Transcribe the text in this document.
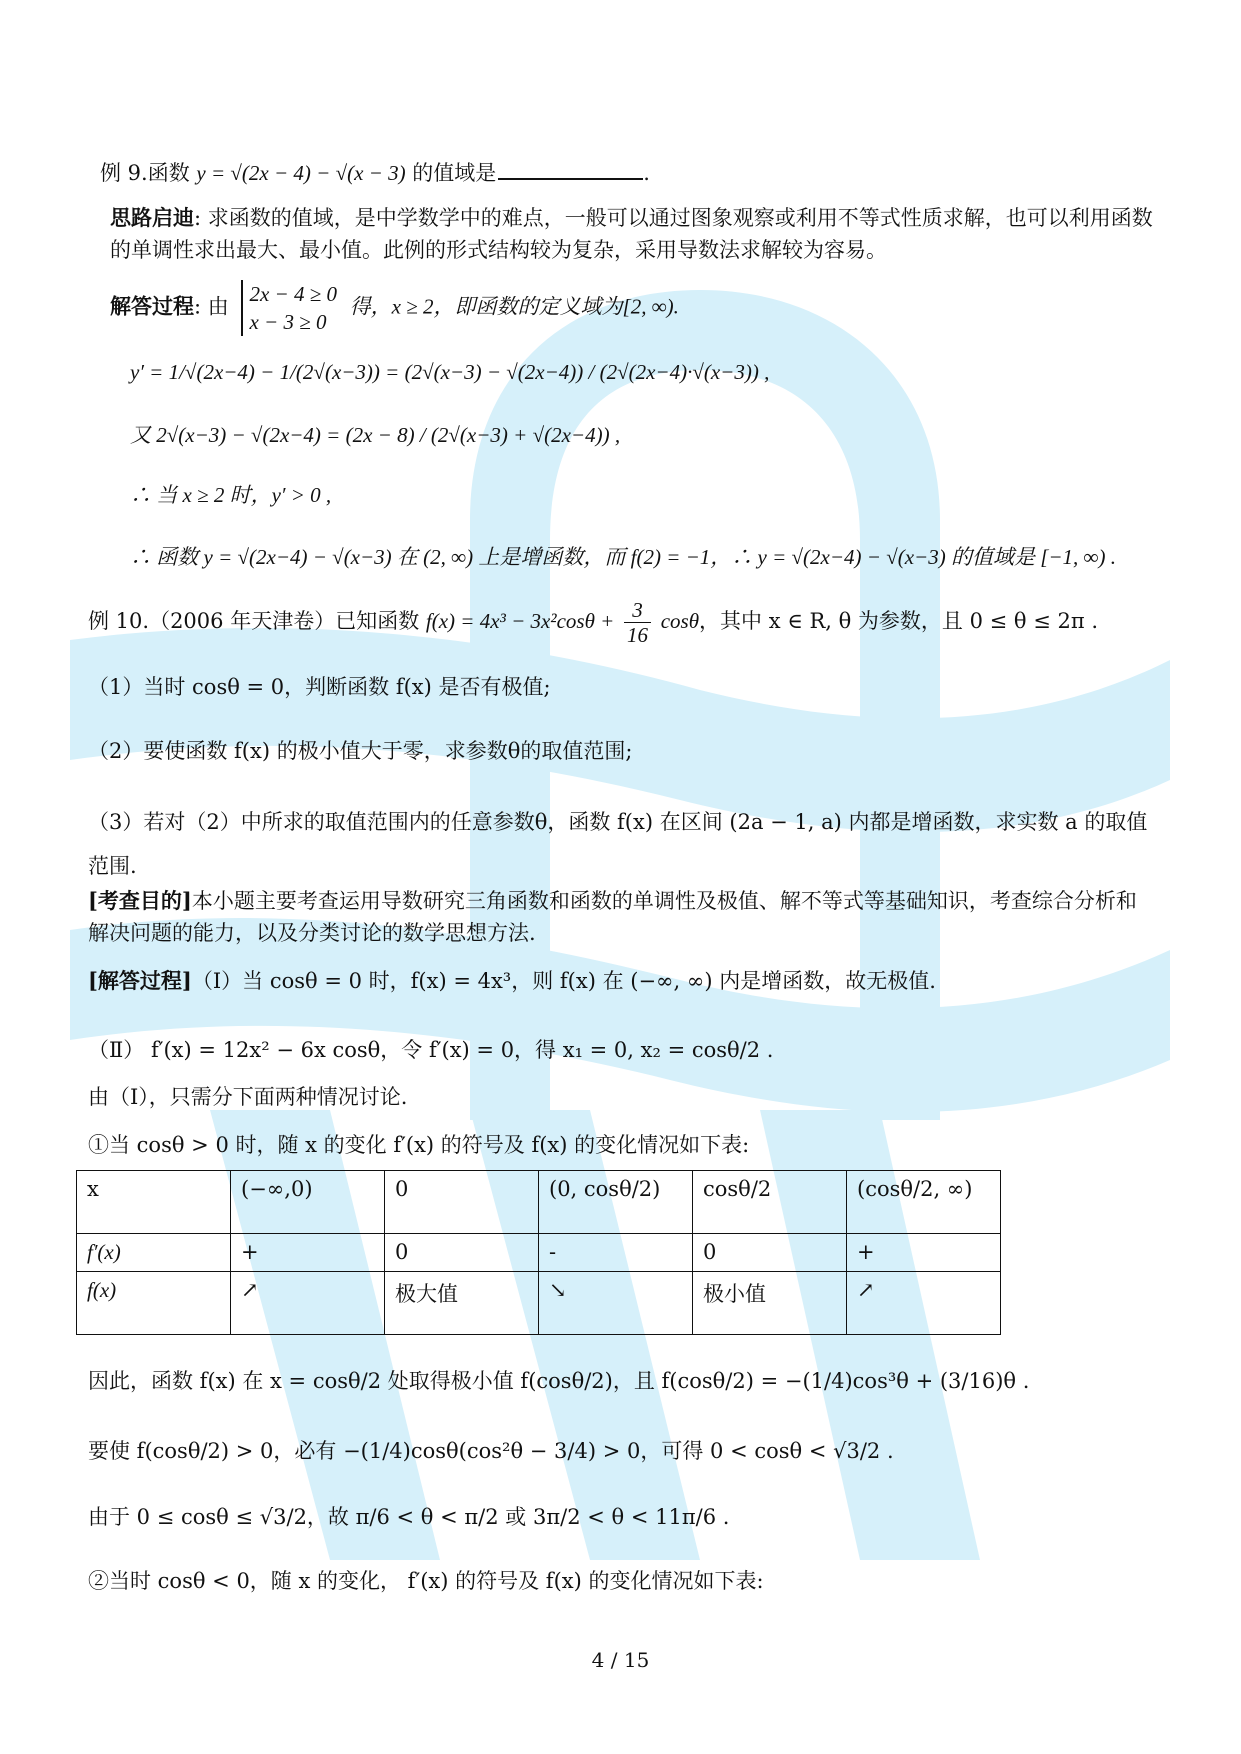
例 9.函数 y = √(2x − 4) − √(x − 3) 的值域是	.
思路启迪: 求函数的值域，是中学数学中的难点，一般可以通过图象观察或利用不等式性质求解，也可以利用函数的单调性求出最大、最小值。此例的形式结构较为复杂，采用导数法求解较为容易。
解答过程: 由
2x − 4 ≥ 0
x − 3 ≥ 0
得，x ≥ 2，即函数的定义域为[2, ∞).
y′ = 1/√(2x−4) − 1/(2√(x−3)) = (2√(x−3) − √(2x−4)) / (2√(2x−4)·√(x−3)) ,
又 2√(x−3) − √(2x−4) = (2x − 8) / (2√(x−3) + √(2x−4)) ,
∴ 当 x ≥ 2 时，y′ > 0 ,
∴ 函数 y = √(2x−4) − √(x−3) 在 (2, ∞) 上是增函数，而 f(2) = −1，∴ y = √(2x−4) − √(x−3) 的值域是 [−1, ∞) .
例 10.（2006 年天津卷）已知函数 $f(x) = 4x^3 - 3x^2\cos\theta + \frac{3}{16}$ cosθ，其中 x ∈ R, θ 为参数，且 0 ≤ θ ≤ 2π .
（1）当时 cosθ = 0，判断函数 f(x) 是否有极值;
（2）要使函数 f(x) 的极小值大于零，求参数θ的取值范围;
（3）若对（2）中所求的取值范围内的任意参数θ，函数 f(x) 在区间 (2a − 1, a) 内都是增函数，求实数 a 的取值范围.
[考查目的]本小题主要考查运用导数研究三角函数和函数的单调性及极值、解不等式等基础知识，考查综合分析和解决问题的能力，以及分类讨论的数学思想方法.
[解答过程]（Ⅰ）当 cosθ = 0 时，f(x) = 4x³，则 f(x) 在 (−∞, ∞) 内是增函数，故无极值.
（Ⅱ） f′(x) = 12x² − 6x cosθ，令 f′(x) = 0，得 x₁ = 0, x₂ = cosθ/2 .
由（Ⅰ），只需分下面两种情况讨论.
①当 cosθ > 0 时，随 x 的变化 f′(x) 的符号及 f(x) 的变化情况如下表:
x	(−∞,0)	0	(0, cosθ/2)	cosθ/2	(cosθ/2, ∞)
f′(x)	+	0	-	0	+
f(x)	↗	极大值	↘	极小值	↗
因此，函数 f(x) 在 x = cosθ/2 处取得极小值 f(cosθ/2)，且 f(cosθ/2) = −(1/4)cos³θ + (3/16)θ .
要使 f(cosθ/2) > 0，必有 −(1/4)cosθ(cos²θ − 3/4) > 0，可得 0 < cosθ < √3/2 .
由于 0 ≤ cosθ ≤ √3/2，故 π/6 < θ < π/2 或 3π/2 < θ < 11π/6 .
②当时 cosθ < 0，随 x 的变化， f′(x) 的符号及 f(x) 的变化情况如下表:
4 / 15
